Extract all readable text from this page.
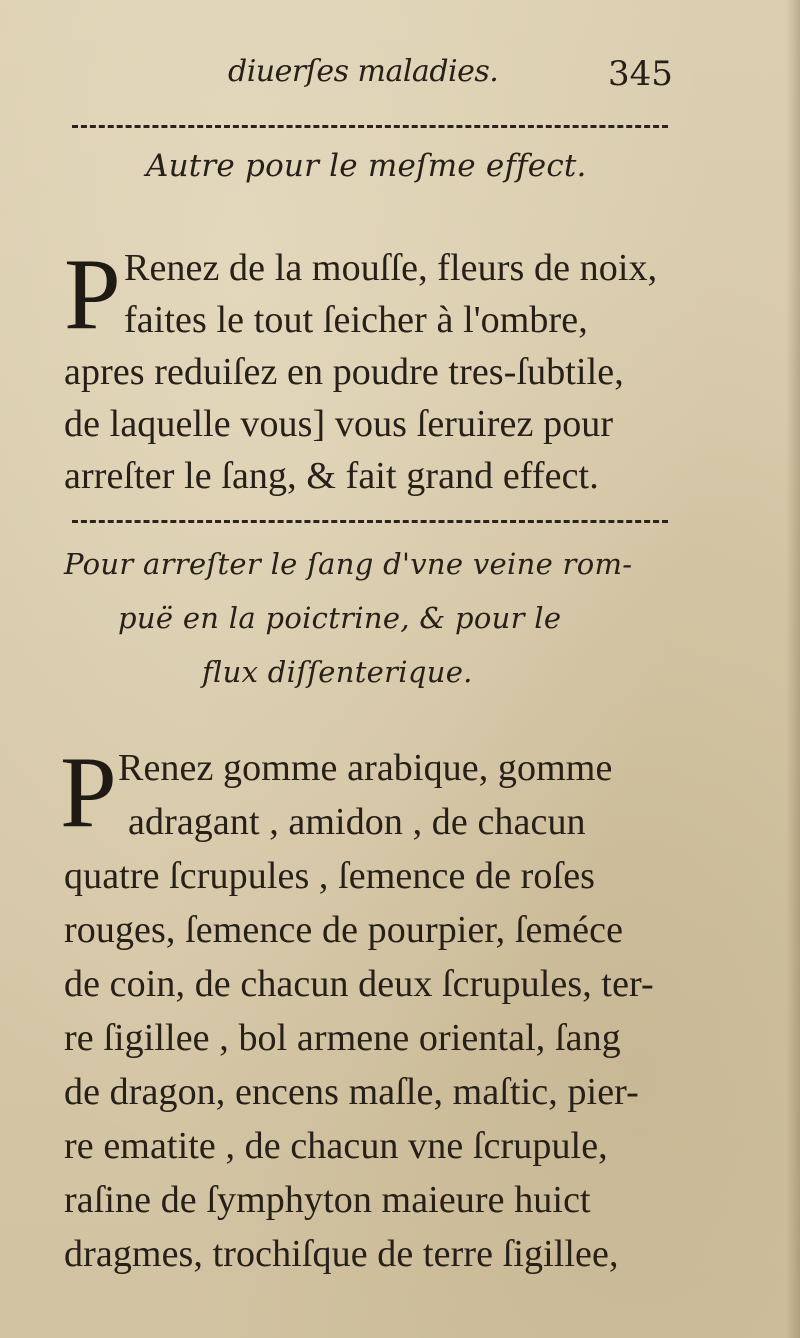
diuerſes maladies.	345
Autre pour le meſme effect.
P Renez de la mouſſe, fleurs de noix,
faites le tout ſeicher à l'ombre,
apres reduiſez en poudre tres-ſubtile,
de laquelle vous] vous ſeruirez pour
arreſter le ſang, & fait grand effect.
Pour arreſter le ſang d'vne veine rom-
puë en la poictrine, & pour le
flux diſſenterique.
P Renez gomme arabique, gomme
adragant , amidon , de chacun
quatre ſcrupules , ſemence de roſes
rouges, ſemence de pourpier, ſeméce
de coin, de chacun deux ſcrupules, ter-
re ſigillee , bol armene oriental, ſang
de dragon, encens maſle, maſtic, pier-
re ematite , de chacun vne ſcrupule,
raſine de ſymphyton maieure huict
dragmes, trochiſque de terre ſigillee,
